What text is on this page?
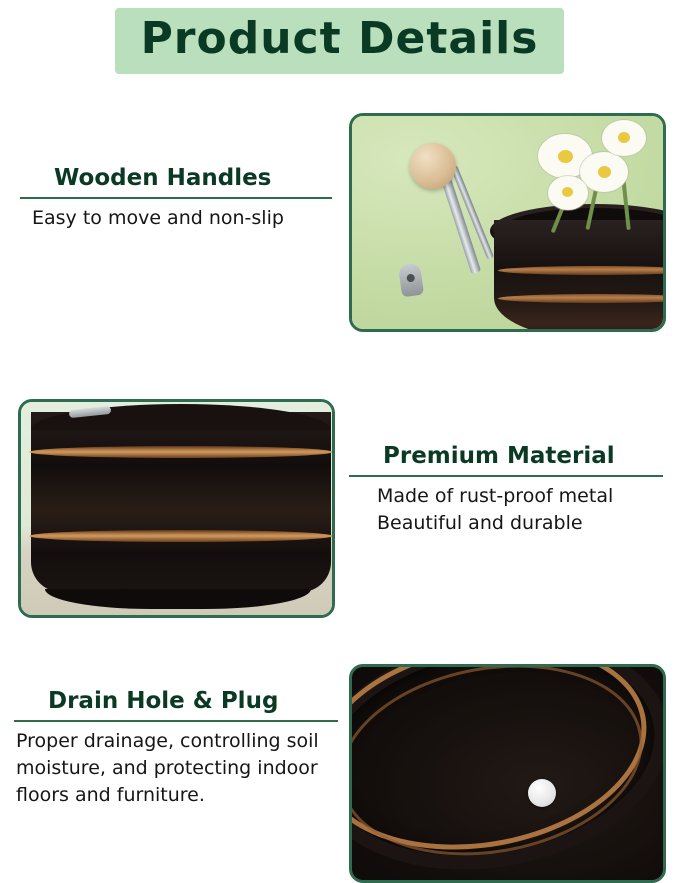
Product Details
Wooden Handles
Easy to move and non-slip
Premium Material
Made of rust-proof metal
Beautiful and durable
Drain Hole & Plug
Proper drainage, controlling soil moisture, and protecting indoor floors and furniture.
